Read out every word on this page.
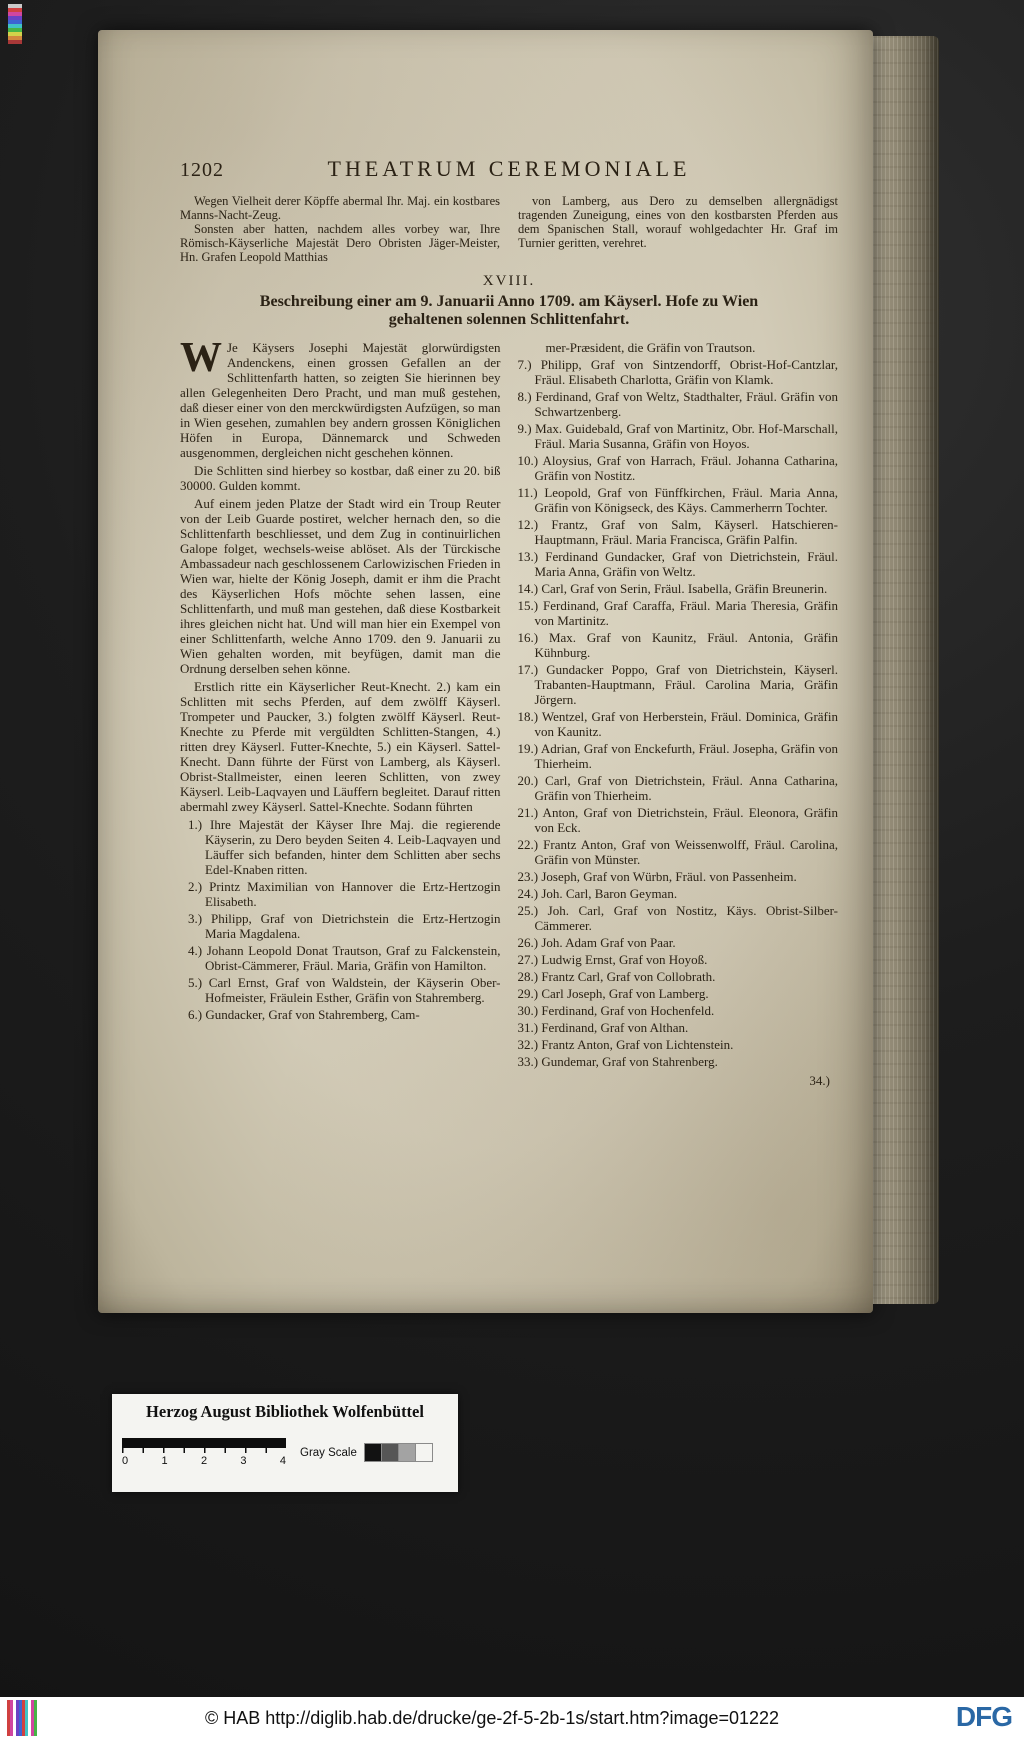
1202	THEATRUM CEREMONIALE

Wegen Vielheit derer Köpffe abermal Ihr. Maj. ein kostbares Manns-Nacht-Zeug.

Sonsten aber hatten, nachdem alles vorbey war, Ihre Römisch-Käyserliche Majestät Dero Obristen Jäger-Meister, Hn. Grafen Leopold Matthias

von Lamberg, aus Dero zu demselben allergnädigst tragenden Zuneigung, eines von den kostbarsten Pferden aus dem Spanischen Stall, worauf wohlgedachter Hr. Graf im Turnier geritten, verehret.

XVIII.
Beschreibung einer am 9. Januarii Anno 1709. am Käyserl. Hofe zu Wien
gehaltenen solennen Schlittenfahrt.

W Je Käysers Josephi Majestät glorwürdigsten Andenckens, einen grossen Gefallen an der Schlittenfarth hatten, so zeigten Sie hierinnen bey allen Gelegenheiten Dero Pracht, und man muß gestehen, daß dieser einer von den merckwürdigsten Aufzügen, so man in Wien gesehen, zumahlen bey andern grossen Königlichen Höfen in Europa, Dännemarck und Schweden ausgenommen, dergleichen nicht geschehen können.

Die Schlitten sind hierbey so kostbar, daß einer zu 20. biß 30000. Gulden kommt.

Auf einem jeden Platze der Stadt wird ein Troup Reuter von der Leib Guarde postiret, welcher hernach den, so die Schlittenfarth beschliesset, und dem Zug in continuirlichen Galope folget, wechsels-weise ablöset. Als der Türckische Ambassadeur nach geschlossenem Carlowizischen Frieden in Wien war, hielte der König Joseph, damit er ihm die Pracht des Käyserlichen Hofs möchte sehen lassen, eine Schlittenfarth, und muß man gestehen, daß diese Kostbarkeit ihres gleichen nicht hat. Und will man hier ein Exempel von einer Schlittenfarth, welche Anno 1709. den 9. Januarii zu Wien gehalten worden, mit beyfügen, damit man die Ordnung derselben sehen könne.

Erstlich ritte ein Käyserlicher Reut-Knecht. 2.) kam ein Schlitten mit sechs Pferden, auf dem zwölff Käyserl. Trompeter und Paucker, 3.) folgten zwölff Käyserl. Reut-Knechte zu Pferde mit vergüldten Schlitten-Stangen, 4.) ritten drey Käyserl. Futter-Knechte, 5.) ein Käyserl. Sattel-Knecht. Dann führte der Fürst von Lamberg, als Käyserl. Obrist-Stallmeister, einen leeren Schlitten, von zwey Käyserl. Leib-Laqvayen und Läuffern begleitet. Darauf ritten abermahl zwey Käyserl. Sattel-Knechte. Sodann führten

1.) Ihre Majestät der Käyser Ihre Maj. die regierende Käyserin, zu Dero beyden Seiten 4. Leib-Laqvayen und Läuffer sich befanden, hinter dem Schlitten aber sechs Edel-Knaben ritten.
2.) Printz Maximilian von Hannover die Ertz-Hertzogin Elisabeth.
3.) Philipp, Graf von Dietrichstein die Ertz-Hertzogin Maria Magdalena.
4.) Johann Leopold Donat Trautson, Graf zu Falckenstein, Obrist-Cämmerer, Fräul. Maria, Gräfin von Hamilton.
5.) Carl Ernst, Graf von Waldstein, der Käyserin Ober-Hofmeister, Fräulein Esther, Gräfin von Stahremberg.
6.) Gundacker, Graf von Stahremberg, Cam-
mer-Præsident, die Gräfin von Trautson.
7.) Philipp, Graf von Sintzendorff, Obrist-Hof-Cantzlar, Fräul. Elisabeth Charlotta, Gräfin von Klamk.
8.) Ferdinand, Graf von Weltz, Stadthalter, Fräul. Gräfin von Schwartzenberg.
9.) Max. Guidebald, Graf von Martinitz, Obr. Hof-Marschall, Fräul. Maria Susanna, Gräfin von Hoyos.
10.) Aloysius, Graf von Harrach, Fräul. Johanna Catharina, Gräfin von Nostitz.
11.) Leopold, Graf von Fünffkirchen, Fräul. Maria Anna, Gräfin von Königseck, des Käys. Cammerherrn Tochter.
12.) Frantz, Graf von Salm, Käyserl. Hatschieren-Hauptmann, Fräul. Maria Francisca, Gräfin Palfin.
13.) Ferdinand Gundacker, Graf von Dietrichstein, Fräul. Maria Anna, Gräfin von Weltz.
14.) Carl, Graf von Serin, Fräul. Isabella, Gräfin Breunerin.
15.) Ferdinand, Graf Caraffa, Fräul. Maria Theresia, Gräfin von Martinitz.
16.) Max. Graf von Kaunitz, Fräul. Antonia, Gräfin Kühnburg.
17.) Gundacker Poppo, Graf von Dietrichstein, Käyserl. Trabanten-Hauptmann, Fräul. Carolina Maria, Gräfin Jörgern.
18.) Wentzel, Graf von Herberstein, Fräul. Dominica, Gräfin von Kaunitz.
19.) Adrian, Graf von Enckefurth, Fräul. Josepha, Gräfin von Thierheim.
20.) Carl, Graf von Dietrichstein, Fräul. Anna Catharina, Gräfin von Thierheim.
21.) Anton, Graf von Dietrichstein, Fräul. Eleonora, Gräfin von Eck.
22.) Frantz Anton, Graf von Weissenwolff, Fräul. Carolina, Gräfin von Münster.
23.) Joseph, Graf von Würbn, Fräul. von Passenheim.
24.) Joh. Carl, Baron Geyman.
25.) Joh. Carl, Graf von Nostitz, Käys. Obrist-Silber-Cämmerer.
26.) Joh. Adam Graf von Paar.
27.) Ludwig Ernst, Graf von Hoyoß.
28.) Frantz Carl, Graf von Collobrath.
29.) Carl Joseph, Graf von Lamberg.
30.) Ferdinand, Graf von Hochenfeld.
31.) Ferdinand, Graf von Althan.
32.) Frantz Anton, Graf von Lichtenstein.
33.) Gundemar, Graf von Stahrenberg.
34.)
Herzog August Bibliothek Wolfenbüttel
0	1	2	3	4
Gray Scale
© HAB http://diglib.hab.de/drucke/ge-2f-5-2b-1s/start.htm?image=01222	DFG
